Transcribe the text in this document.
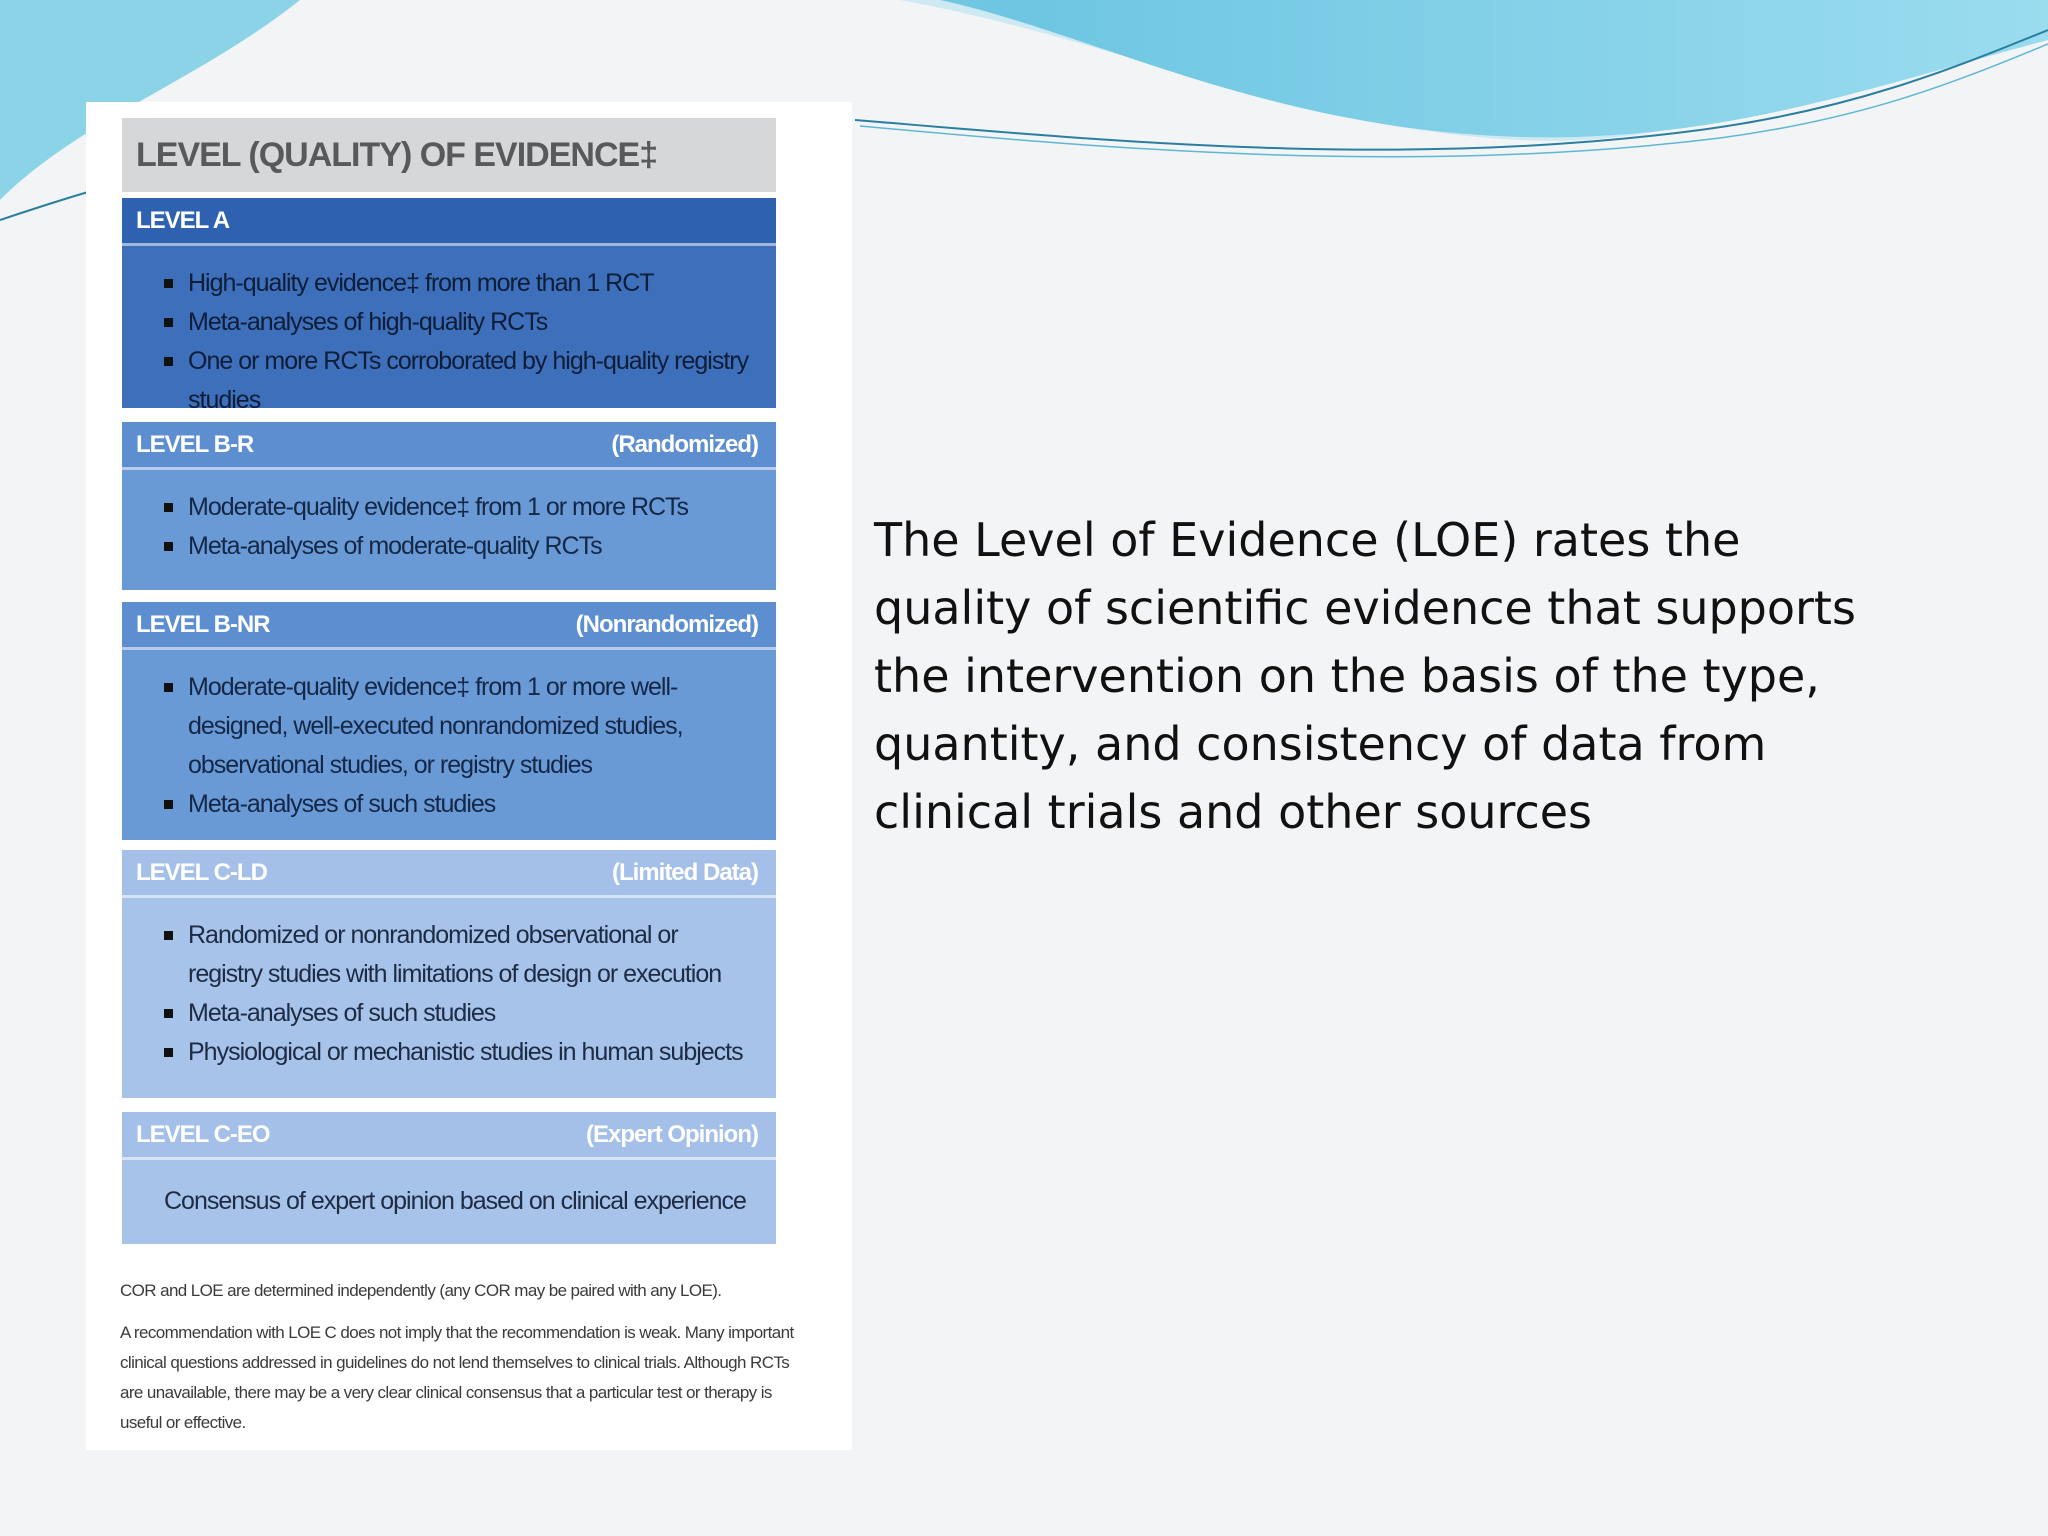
LEVEL (QUALITY) OF EVIDENCE‡
LEVEL A
High-quality evidence‡ from more than 1 RCT
Meta-analyses of high-quality RCTs
One or more RCTs corroborated by high-quality registry studies
LEVEL B-R	(Randomized)
Moderate-quality evidence‡ from 1 or more RCTs
Meta-analyses of moderate-quality RCTs
LEVEL B-NR	(Nonrandomized)
Moderate-quality evidence‡ from 1 or more well-designed, well-executed nonrandomized studies, observational studies, or registry studies
Meta-analyses of such studies
LEVEL C-LD	(Limited Data)
Randomized or nonrandomized observational or registry studies with limitations of design or execution
Meta-analyses of such studies
Physiological or mechanistic studies in human subjects
LEVEL C-EO	(Expert Opinion)
Consensus of expert opinion based on clinical experience
COR and LOE are determined independently (any COR may be paired with any LOE).
A recommendation with LOE C does not imply that the recommendation is weak. Many important clinical questions addressed in guidelines do not lend themselves to clinical trials. Although RCTs are unavailable, there may be a very clear clinical consensus that a particular test or therapy is useful or effective.

The Level of Evidence (LOE) rates the quality of scientific evidence that supports the intervention on the basis of the type, quantity, and consistency of data from clinical trials and other sources
